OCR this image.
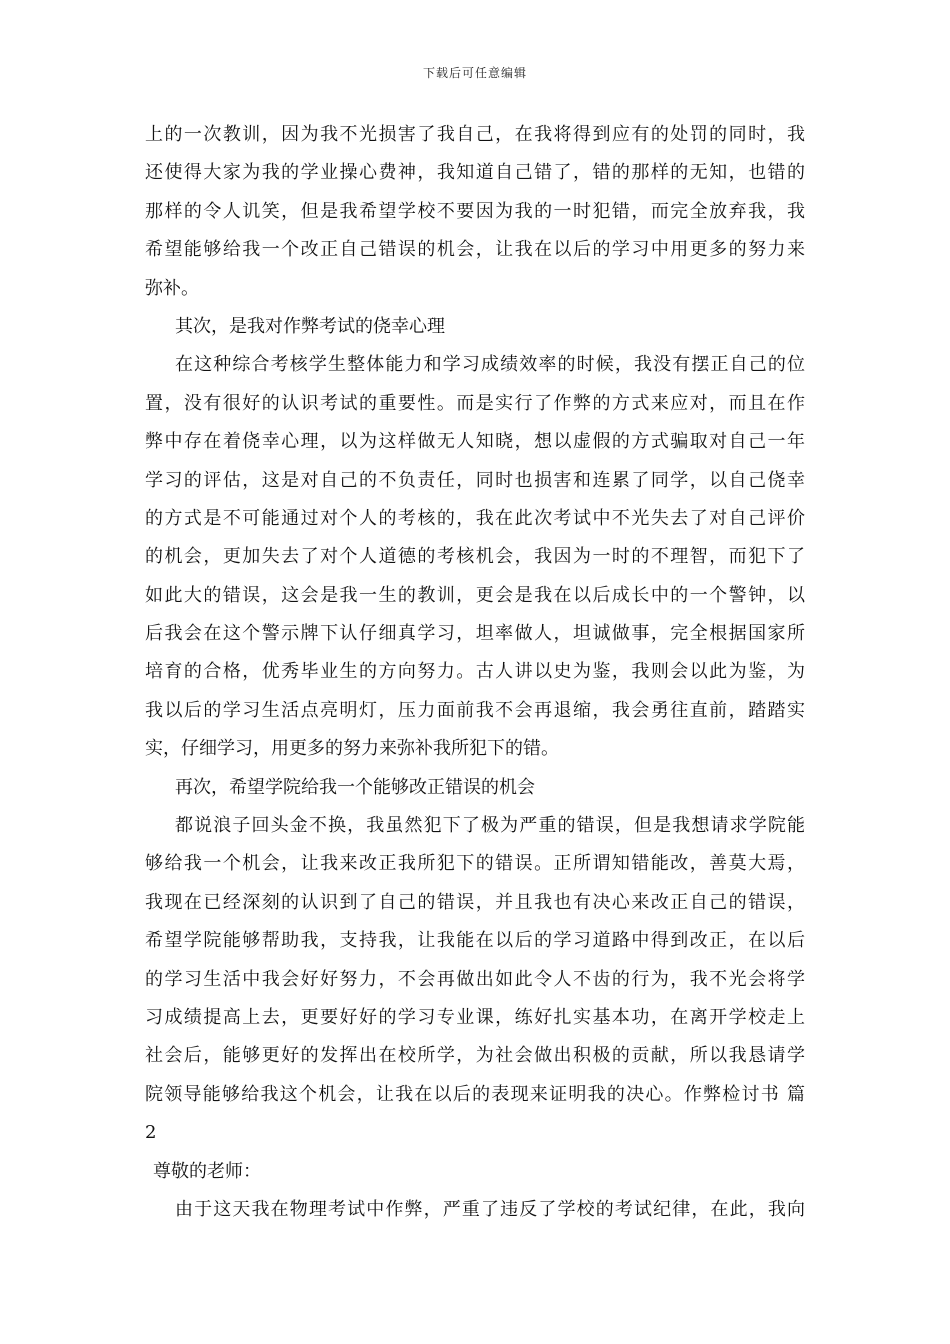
下载后可任意编辑
上的一次教训，因为我不光损害了我自己，在我将得到应有的处罚的同时，我
还使得大家为我的学业操心费神，我知道自己错了，错的那样的无知，也错的
那样的令人讥笑，但是我希望学校不要因为我的一时犯错，而完全放弃我，我
希望能够给我一个改正自己错误的机会，让我在以后的学习中用更多的努力来
弥补。
其次，是我对作弊考试的侥幸心理
在这种综合考核学生整体能力和学习成绩效率的时候，我没有摆正自己的位
置，没有很好的认识考试的重要性。而是实行了作弊的方式来应对，而且在作
弊中存在着侥幸心理，以为这样做无人知晓，想以虚假的方式骗取对自己一年
学习的评估，这是对自己的不负责任，同时也损害和连累了同学，以自己侥幸
的方式是不可能通过对个人的考核的，我在此次考试中不光失去了对自己评价
的机会，更加失去了对个人道德的考核机会，我因为一时的不理智，而犯下了
如此大的错误，这会是我一生的教训，更会是我在以后成长中的一个警钟，以
后我会在这个警示牌下认仔细真学习，坦率做人，坦诚做事，完全根据国家所
培育的合格，优秀毕业生的方向努力。古人讲以史为鉴，我则会以此为鉴，为
我以后的学习生活点亮明灯，压力面前我不会再退缩，我会勇往直前，踏踏实
实，仔细学习，用更多的努力来弥补我所犯下的错。
再次，希望学院给我一个能够改正错误的机会
都说浪子回头金不换，我虽然犯下了极为严重的错误，但是我想请求学院能
够给我一个机会，让我来改正我所犯下的错误。正所谓知错能改，善莫大焉，
我现在已经深刻的认识到了自己的错误，并且我也有决心来改正自己的错误，
希望学院能够帮助我，支持我，让我能在以后的学习道路中得到改正，在以后
的学习生活中我会好好努力，不会再做出如此令人不齿的行为，我不光会将学
习成绩提高上去，更要好好的学习专业课，练好扎实基本功，在离开学校走上
社会后，能够更好的发挥出在校所学，为社会做出积极的贡献，所以我恳请学
院领导能够给我这个机会，让我在以后的表现来证明我的决心。作弊检讨书 篇
2
尊敬的老师：
由于这天我在物理考试中作弊，严重了违反了学校的考试纪律，在此，我向
